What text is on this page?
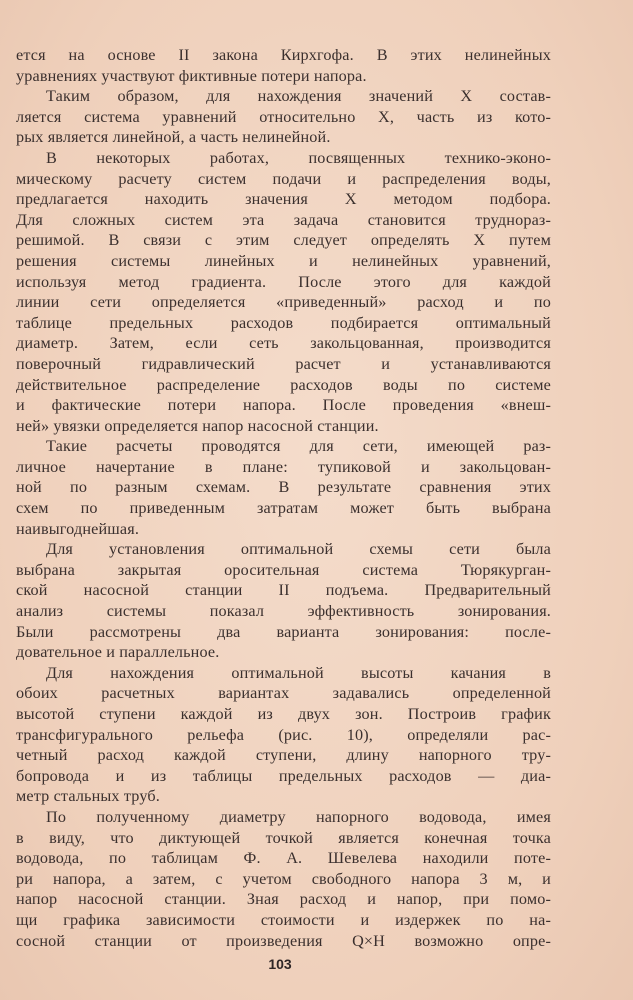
ется на основе II закона Кирхгофа. В этих нелинейных
уравнениях участвуют фиктивные потери напора.
Таким образом, для нахождения значений X состав-
ляется система уравнений относительно X, часть из кото-
рых является линейной, а часть нелинейной.
В некоторых работах, посвященных технико-эконо-
мическому расчету систем подачи и распределения воды,
предлагается находить значения X методом подбора.
Для сложных систем эта задача становится труднораз-
решимой. В связи с этим следует определять X путем
решения системы линейных и нелинейных уравнений,
используя метод градиента. После этого для каждой
линии сети определяется «приведенный» расход и по
таблице предельных расходов подбирается оптимальный
диаметр. Затем, если сеть закольцованная, производится
поверочный гидравлический расчет и устанавливаются
действительное распределение расходов воды по системе
и фактические потери напора. После проведения «внеш-
ней» увязки определяется напор насосной станции.
Такие расчеты проводятся для сети, имеющей раз-
личное начертание в плане: тупиковой и закольцован-
ной по разным схемам. В результате сравнения этих
схем по приведенным затратам может быть выбрана
наивыгоднейшая.
Для установления оптимальной схемы сети была
выбрана закрытая оросительная система Тюрякурган-
ской насосной станции II подъема. Предварительный
анализ системы показал эффективность зонирования.
Были рассмотрены два варианта зонирования: после-
довательное и параллельное.
Для нахождения оптимальной высоты качания в
обоих расчетных вариантах задавались определенной
высотой ступени каждой из двух зон. Построив график
трансфигурального рельефа (рис. 10), определяли рас-
четный расход каждой ступени, длину напорного тру-
бопровода и из таблицы предельных расходов — диа-
метр стальных труб.
По полученному диаметру напорного водовода, имея
в виду, что диктующей точкой является конечная точка
водовода, по таблицам Ф. А. Шевелева находили поте-
ри напора, а затем, с учетом свободного напора 3 м, и
напор насосной станции. Зная расход и напор, при помо-
щи графика зависимости стоимости и издержек по на-
сосной станции от произведения Q×H возможно опре-
103
